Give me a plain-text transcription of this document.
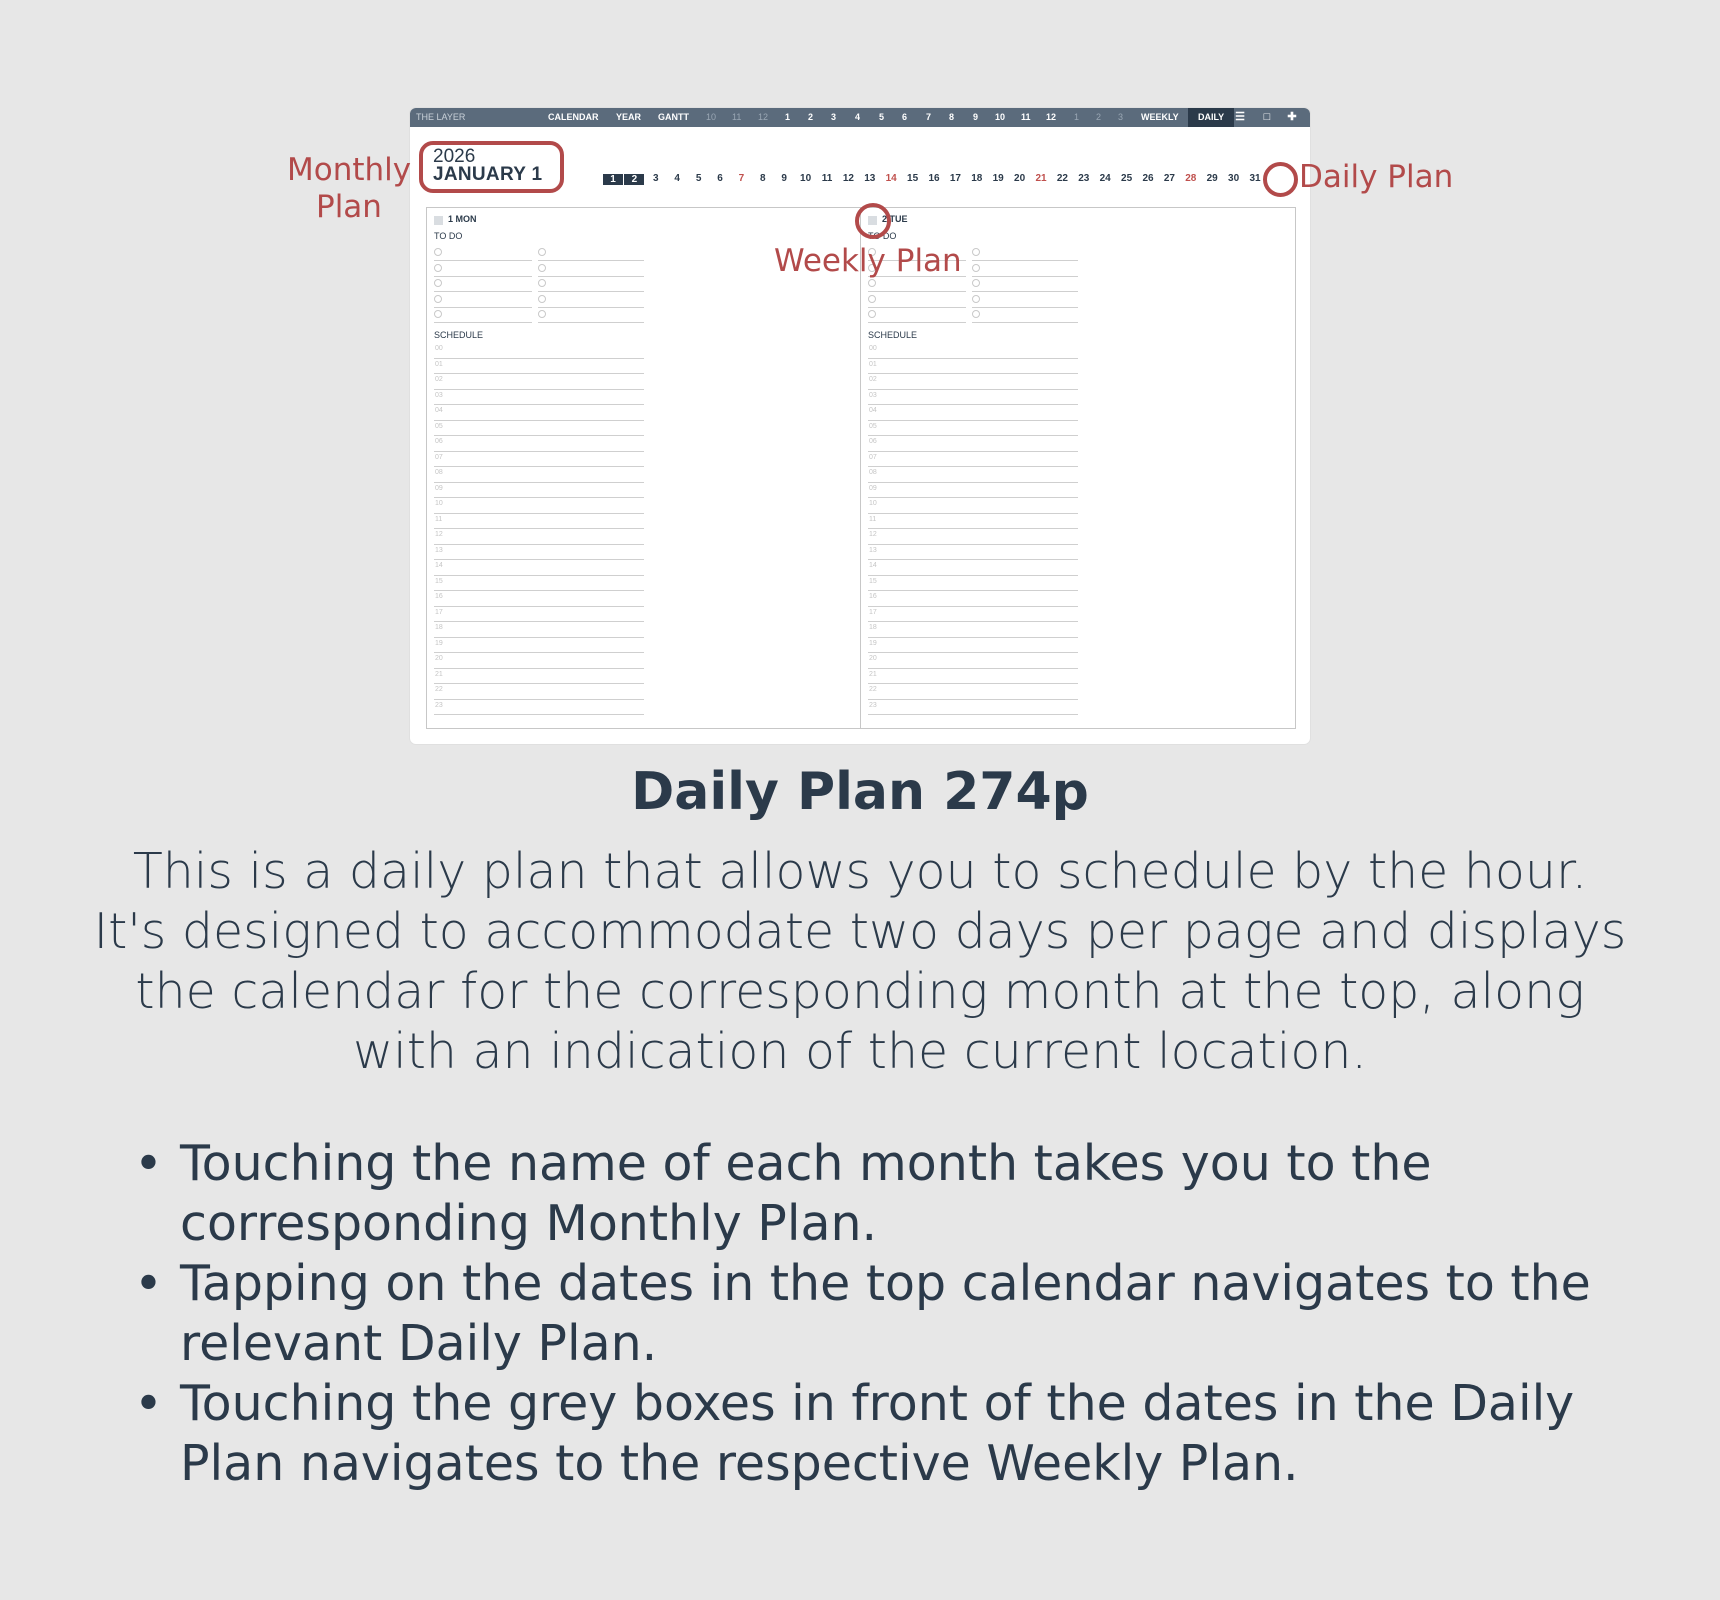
THE LAYER	CALENDAR YEAR GANTT 10 11 12 1 2 3 4 5 6 7 8 9 10 11 12 1 2 3 WEEKLY	DAILY ☰ □ ✚
2026
JANUARY 1	1	2	3	4	5	6	7	8	9	10	11	12	13	14	15	16	17	18	19	20	21	22	23	24	25	26	27	28	29	30	31
1 MON
TO DO
SCHEDULE
00
01
02
03
04
05
06
07
08
09
10
11
12
13
14
15
16
17
18
19
20
21
22
23
2 TUE
TO DO
SCHEDULE
00
01
02
03
04
05
06
07
08
09
10
11
12
13
14
15
16
17
18
19
20
21
22
23
Monthly
Plan
Daily Plan
Weekly Plan
Daily Plan 274p
This is a daily plan that allows you to schedule by the hour. It's designed to accommodate two days per page and displays the calendar for the corresponding month at the top, along with an indication of the current location.
• Touching the name of each month takes you to the corresponding Monthly Plan.
• Tapping on the dates in the top calendar navigates to the relevant Daily Plan.
• Touching the grey boxes in front of the dates in the Daily Plan navigates to the respective Weekly Plan.
